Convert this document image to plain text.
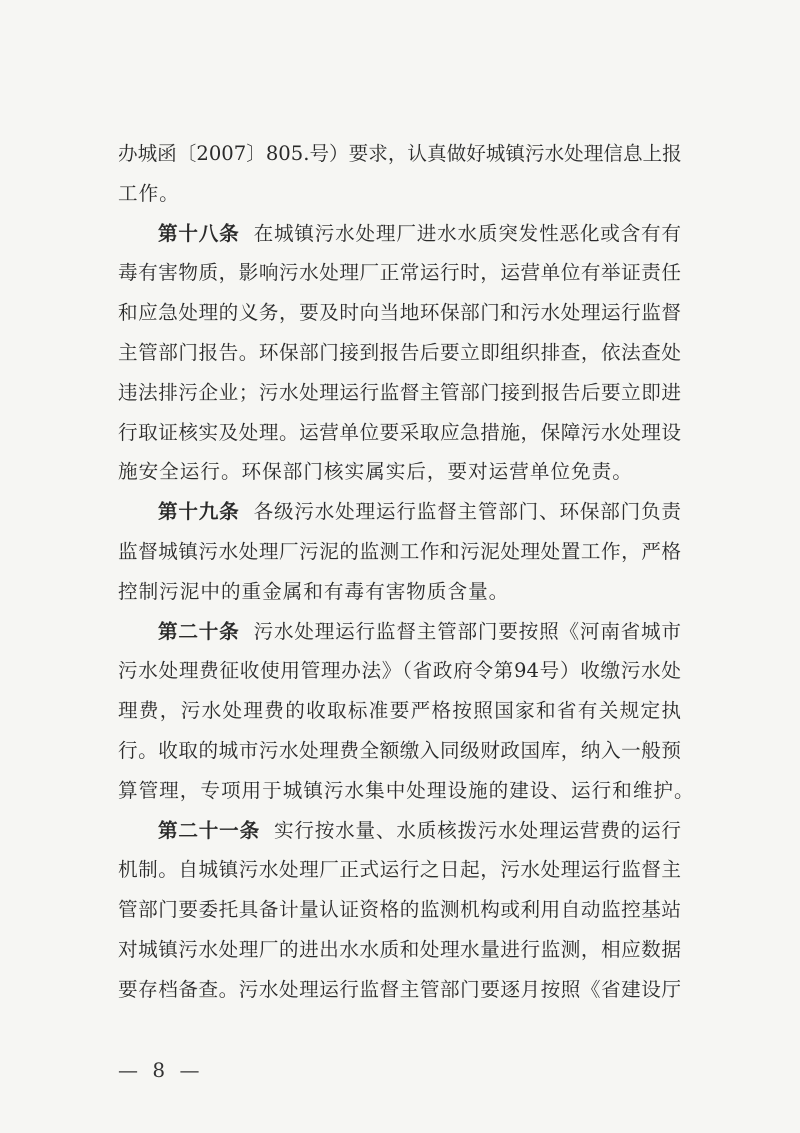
办城函〔2007〕805.号）要求，认真做好城镇污水处理信息上报
工作。
第十八条 在城镇污水处理厂进水水质突发性恶化或含有有
毒有害物质，影响污水处理厂正常运行时，运营单位有举证责任
和应急处理的义务，要及时向当地环保部门和污水处理运行监督
主管部门报告。环保部门接到报告后要立即组织排查，依法查处
违法排污企业；污水处理运行监督主管部门接到报告后要立即进
行取证核实及处理。运营单位要采取应急措施，保障污水处理设
施安全运行。环保部门核实属实后，要对运营单位免责。
第十九条 各级污水处理运行监督主管部门、环保部门负责
监督城镇污水处理厂污泥的监测工作和污泥处理处置工作，严格
控制污泥中的重金属和有毒有害物质含量。
第二十条 污水处理运行监督主管部门要按照《河南省城市
污水处理费征收使用管理办法》（省政府令第94号）收缴污水处
理费，污水处理费的收取标准要严格按照国家和省有关规定执
行。收取的城市污水处理费全额缴入同级财政国库，纳入一般预
算管理，专项用于城镇污水集中处理设施的建设、运行和维护。
第二十一条 实行按水量、水质核拨污水处理运营费的运行
机制。自城镇污水处理厂正式运行之日起，污水处理运行监督主
管部门要委托具备计量认证资格的监测机构或利用自动监控基站
对城镇污水处理厂的进出水水质和处理水量进行监测，相应数据
要存档备查。污水处理运行监督主管部门要逐月按照《省建设厅
— 8 —
